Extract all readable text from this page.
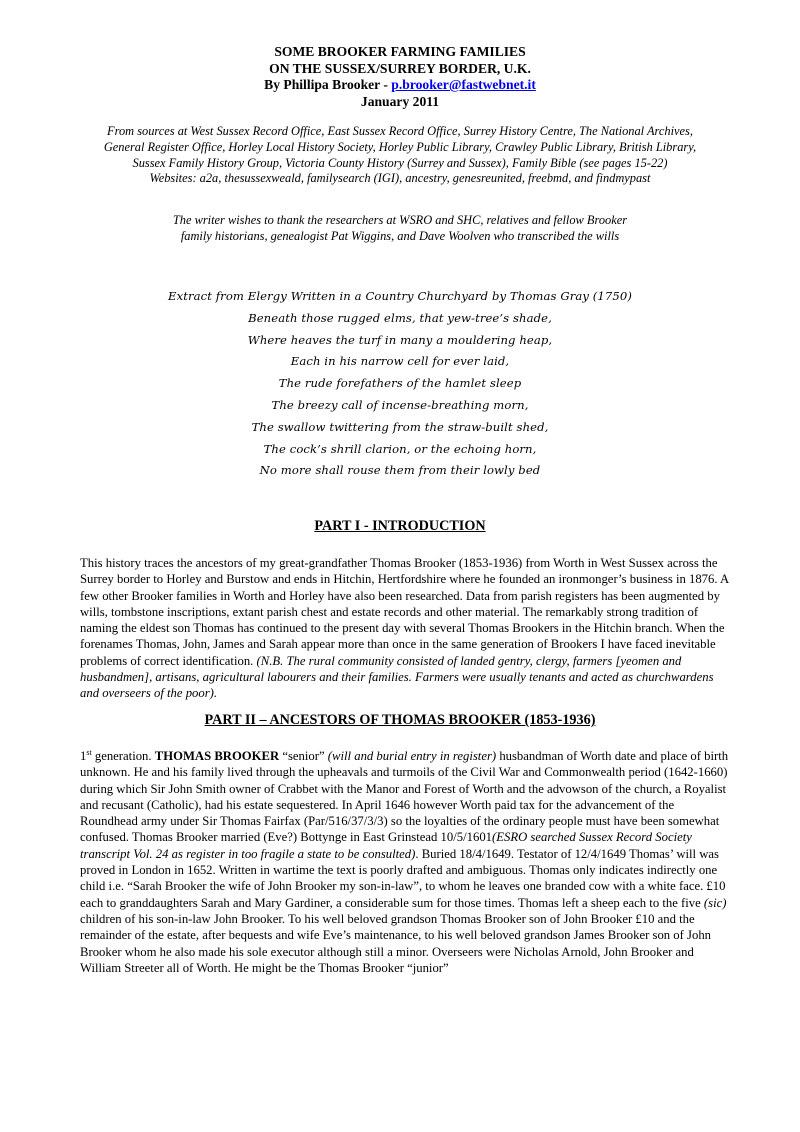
SOME BROOKER FARMING FAMILIES
ON THE SUSSEX/SURREY BORDER, U.K.
By Phillipa Brooker - p.brooker@fastwebnet.it
January 2011
From sources at West Sussex Record Office, East Sussex Record Office, Surrey History Centre, The National Archives,
General Register Office, Horley Local History Society, Horley Public Library, Crawley Public Library, British Library,
Sussex Family History Group, Victoria County History (Surrey and Sussex), Family Bible (see pages 15-22)
Websites: a2a, thesussexweald, familysearch (IGI), ancestry, genesreunited, freebmd, and findmypast
The writer wishes to thank the researchers at WSRO and SHC, relatives and fellow Brooker
family historians, genealogist Pat Wiggins, and Dave Woolven who transcribed the wills
Extract from Elergy Written in a Country Churchyard by Thomas Gray (1750)
Beneath those rugged elms, that yew-tree’s shade,
Where heaves the turf in many a mouldering heap,
Each in his narrow cell for ever laid,
The rude forefathers of the hamlet sleep
The breezy call of incense-breathing morn,
The swallow twittering from the straw-built shed,
The cock’s shrill clarion, or the echoing horn,
No more shall rouse them from their lowly bed
PART I - INTRODUCTION
This history traces the ancestors of my great-grandfather Thomas Brooker (1853-1936) from Worth in West Sussex across the Surrey border to Horley and Burstow and ends in Hitchin, Hertfordshire where he founded an ironmonger’s business in 1876. A few other Brooker families in Worth and Horley have also been researched. Data from parish registers has been augmented by wills, tombstone inscriptions, extant parish chest and estate records and other material. The remarkably strong tradition of naming the eldest son Thomas has continued to the present day with several Thomas Brookers in the Hitchin branch. When the forenames Thomas, John, James and Sarah appear more than once in the same generation of Brookers I have faced inevitable problems of correct identification. (N.B. The rural community consisted of landed gentry, clergy, farmers [yeomen and husbandmen], artisans, agricultural labourers and their families. Farmers were usually tenants and acted as churchwardens and overseers of the poor).
PART II – ANCESTORS OF THOMAS BROOKER (1853-1936)
1st generation. THOMAS BROOKER “senior” (will and burial entry in register) husbandman of Worth date and place of birth unknown. He and his family lived through the upheavals and turmoils of the Civil War and Commonwealth period (1642-1660) during which Sir John Smith owner of Crabbet with the Manor and Forest of Worth and the advowson of the church, a Royalist and recusant (Catholic), had his estate sequestered. In April 1646 however Worth paid tax for the advancement of the Roundhead army under Sir Thomas Fairfax (Par/516/37/3/3) so the loyalties of the ordinary people must have been somewhat confused. Thomas Brooker married (Eve?) Bottynge in East Grinstead 10/5/1601(ESRO searched Sussex Record Society transcript Vol. 24 as register in too fragile a state to be consulted). Buried 18/4/1649. Testator of 12/4/1649 Thomas’ will was proved in London in 1652. Written in wartime the text is poorly drafted and ambiguous. Thomas only indicates indirectly one child i.e. “Sarah Brooker the wife of John Brooker my son-in-law”, to whom he leaves one branded cow with a white face. £10 each to granddaughters Sarah and Mary Gardiner, a considerable sum for those times. Thomas left a sheep each to the five (sic) children of his son-in-law John Brooker. To his well beloved grandson Thomas Brooker son of John Brooker £10 and the remainder of the estate, after bequests and wife Eve’s maintenance, to his well beloved grandson James Brooker son of John Brooker whom he also made his sole executor although still a minor. Overseers were Nicholas Arnold, John Brooker and William Streeter all of Worth. He might be the Thomas Brooker “junior”
